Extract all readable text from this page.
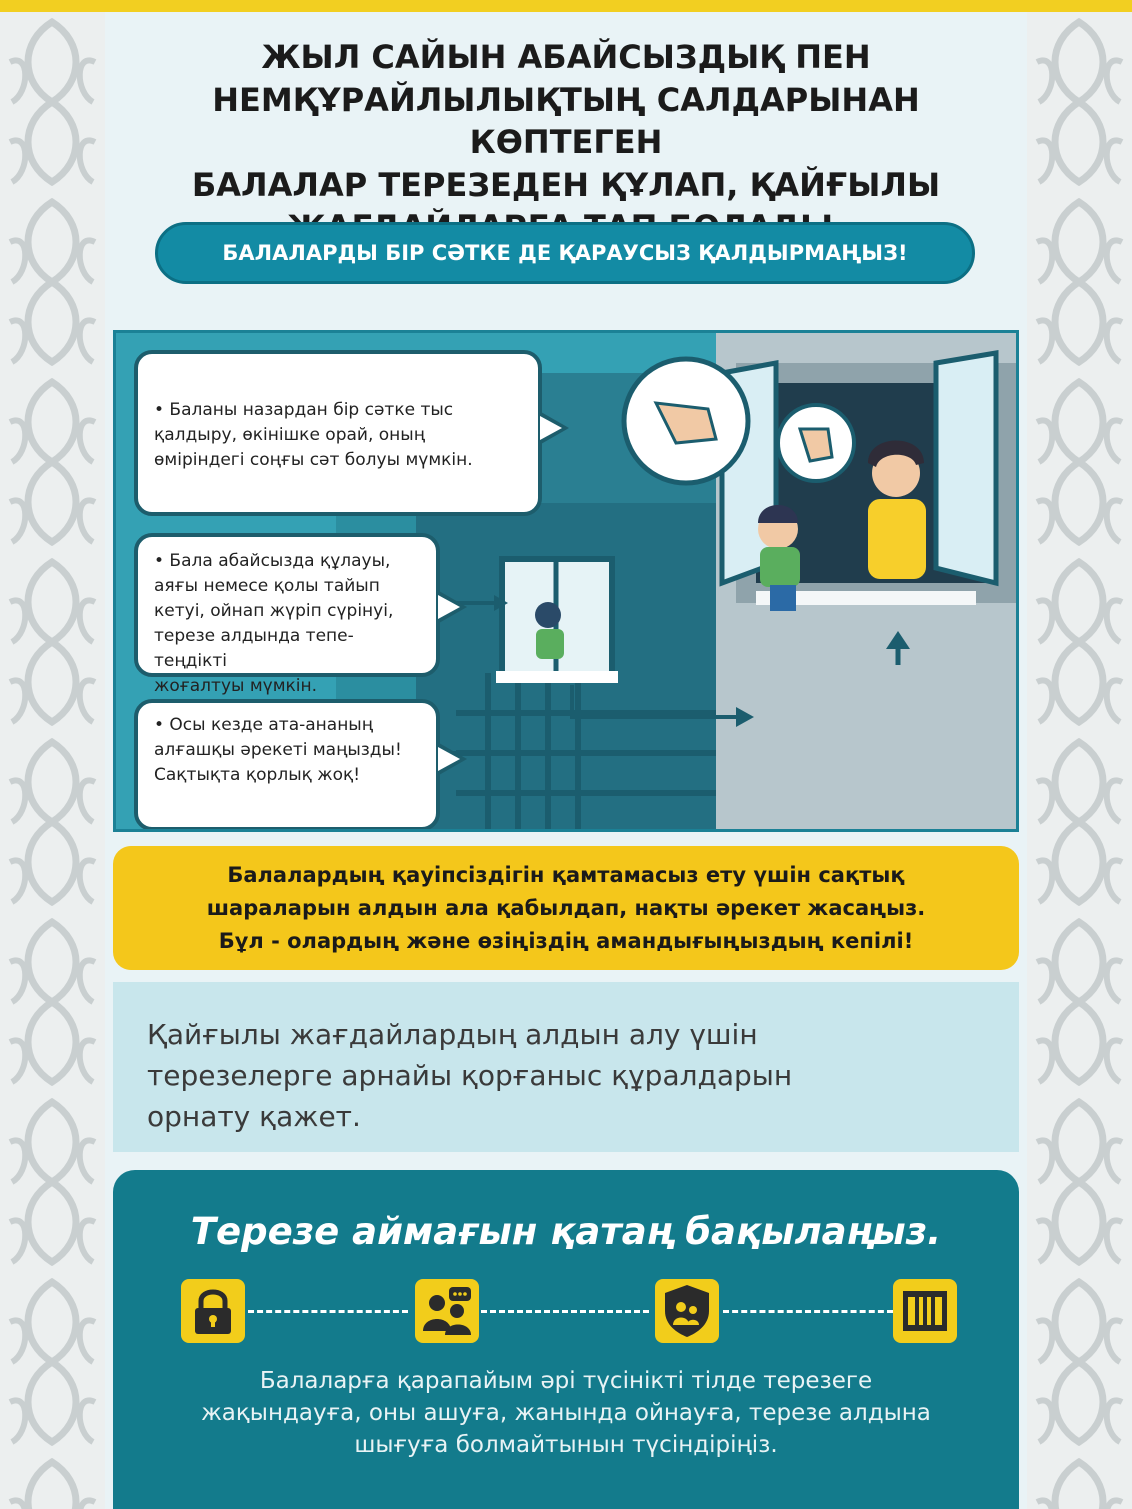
ЖЫЛ САЙЫН АБАЙСЫЗДЫҚ ПЕН
НЕМҚҰРАЙЛЫЛЫҚТЫҢ САЛДАРЫНАН КӨПТЕГЕН
БАЛАЛАР ТЕРЕЗЕДЕН ҚҰЛАП, ҚАЙҒЫЛЫ

БАЛАЛАРДЫ БІР СӘТКЕ ДЕ ҚАРАУСЫЗ ҚАЛДЫРМАҢЫЗ!
• Баланы назардан бір сәтке тыс
қалдыру, өкінішке орай, оның
өміріндегі соңғы сәт болуы мүмкін.
• Бала абайсызда құлауы,
аяғы немесе қолы тайып
кетуі, ойнап жүріп сүрінуі,
терезе алдында тепе-теңдікті
жоғалтуы мүмкін.
• Осы кезде ата-ананың
алғашқы әрекеті маңызды!
Сақтықта қорлық жоқ!
Балалардың қауіпсіздігін қамтамасыз ету үшін сақтық
шараларын алдын ала қабылдап, нақты әрекет жасаңыз.
Бұл - олардың және өзіңіздің амандығыңыздың кепілі!
Қайғылы жағдайлардың алдын алу үшін
терезелерге арнайы қорғаныс құралдарын
орнату қажет.
Терезе аймағын қатаң бақылаңыз.
Балаларға қарапайым әрі түсінікті тілде терезеге
жақындауға, оны ашуға, жанында ойнауға, терезе алдына
шығуға болмайтынын түсіндіріңіз.
